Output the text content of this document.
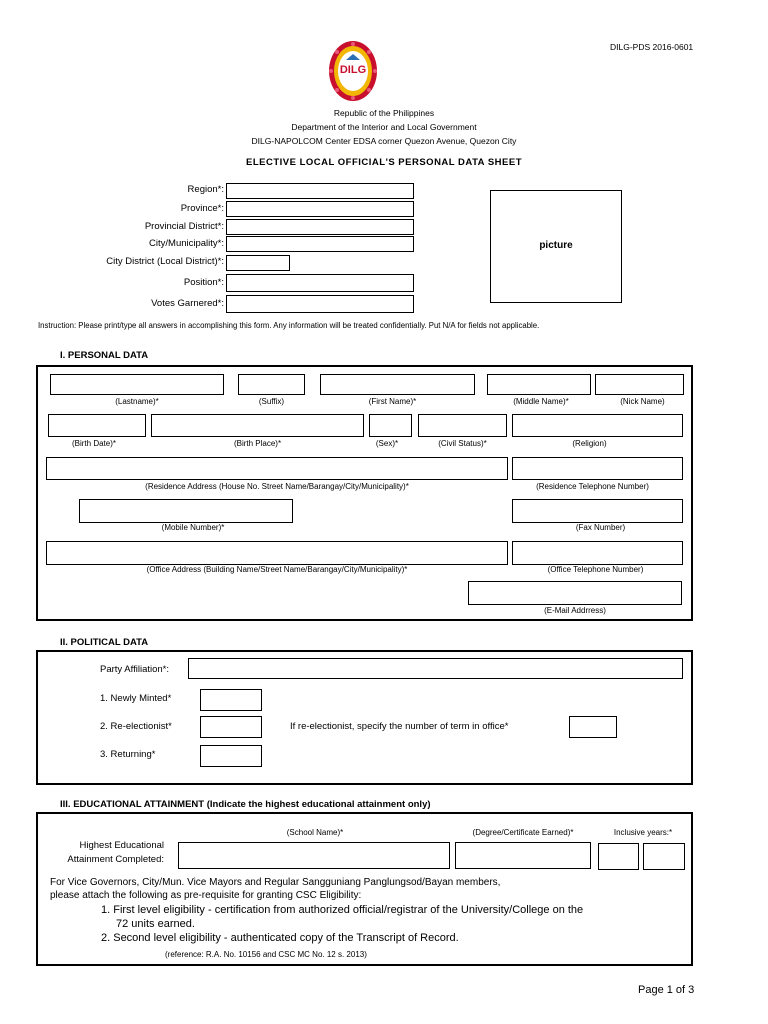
DILG-PDS 2016-0601
DILG
Republic of the Philippines
Department of the Interior and Local Government
DILG-NAPOLCOM Center EDSA corner Quezon Avenue, Quezon City
ELECTIVE LOCAL OFFICIAL'S PERSONAL DATA SHEET
Region*:
Province*:
Provincial District*:
City/Municipality*:
City District (Local District)*:
Position*:
Votes Garnered*:
picture
Instruction: Please print/type all answers in accomplishing this form. Any information will be treated confidentially. Put N/A for fields not applicable.
I. PERSONAL DATA
(Lastname)*	(Suffix)	(First Name)*	(Middle Name)*	(Nick Name)
(Birth Date)*	(Birth Place)*	(Sex)*	(Civil Status)*	(Religion)
(Residence Address (House No. Street Name/Barangay/City/Municipality)*	(Residence Telephone Number)
(Mobile Number)*	(Fax Number)
(Office Address (Building Name/Street Name/Barangay/City/Municipality)*	(Office Telephone Number)
(E-Mail Addrress)
II. POLITICAL DATA
Party Affiliation*:
1. Newly Minted*
2. Re-electionist*	If re-electionist, specify the number of term in office*
3. Returning*
III. EDUCATIONAL ATTAINMENT (Indicate the highest educational attainment only)
(School Name)*	(Degree/Certificate Earned)*	Inclusive years:*
Highest Educational
Attainment Completed:
For Vice Governors, City/Mun. Vice Mayors and Regular Sangguniang Panglungsod/Bayan members,
please attach the following as pre-requisite for granting CSC Eligibility:
1. First level eligibility - certification from authorized official/registrar of the University/College on the
72 units earned.
2. Second level eligibility - authenticated copy of the Transcript of Record.
(reference: R.A. No. 10156 and CSC MC No. 12 s. 2013)
Page 1 of 3
